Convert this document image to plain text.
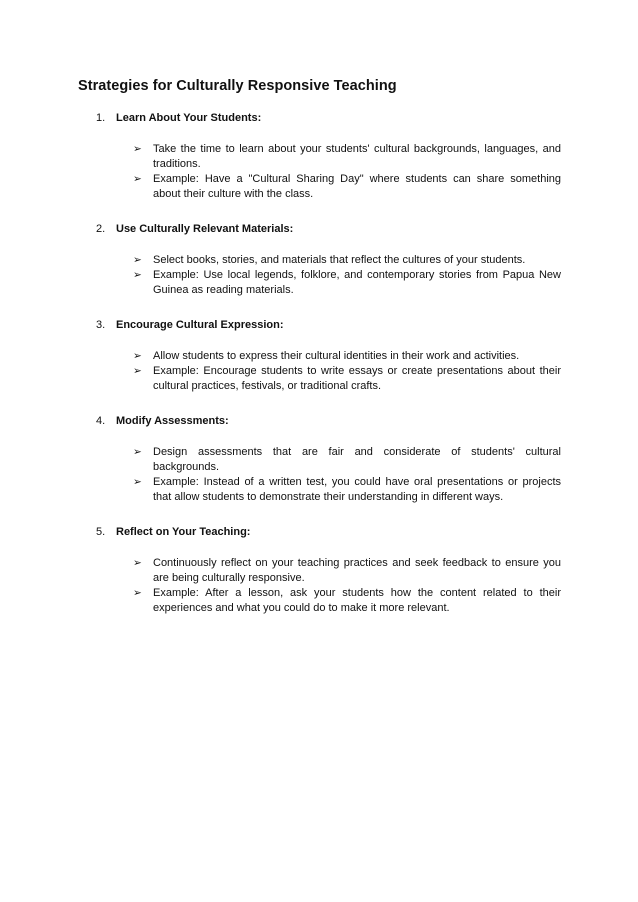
Strategies for Culturally Responsive Teaching
1. Learn About Your Students:
➢ Take the time to learn about your students' cultural backgrounds, languages, and traditions.
➢ Example: Have a "Cultural Sharing Day" where students can share something about their culture with the class.
2. Use Culturally Relevant Materials:
➢ Select books, stories, and materials that reflect the cultures of your students.
➢ Example: Use local legends, folklore, and contemporary stories from Papua New Guinea as reading materials.
3. Encourage Cultural Expression:
➢ Allow students to express their cultural identities in their work and activities.
➢ Example: Encourage students to write essays or create presentations about their cultural practices, festivals, or traditional crafts.
4. Modify Assessments:
➢ Design assessments that are fair and considerate of students' cultural backgrounds.
➢ Example: Instead of a written test, you could have oral presentations or projects that allow students to demonstrate their understanding in different ways.
5. Reflect on Your Teaching:
➢ Continuously reflect on your teaching practices and seek feedback to ensure you are being culturally responsive.
➢ Example: After a lesson, ask your students how the content related to their experiences and what you could do to make it more relevant.
